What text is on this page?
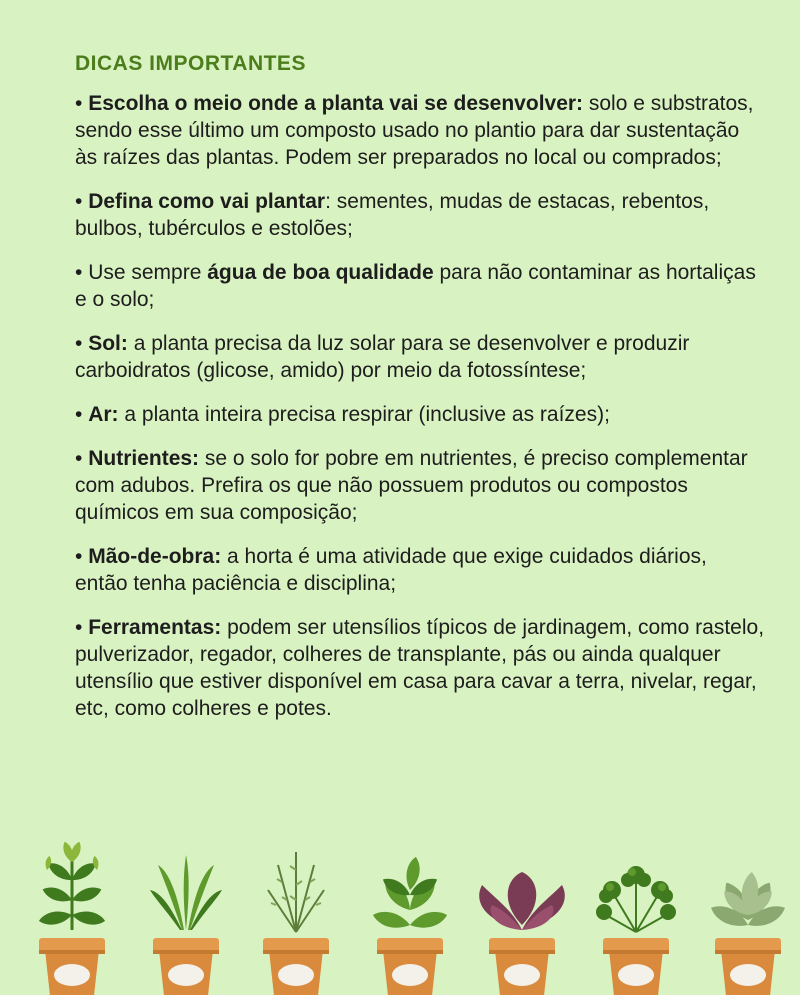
DICAS IMPORTANTES

• Escolha o meio onde a planta vai se desenvolver: solo e substratos, sendo esse último um composto usado no plantio para dar sustentação às raízes das plantas. Podem ser preparados no local ou comprados;

• Defina como vai plantar: sementes, mudas de estacas, rebentos, bulbos, tubérculos e estolões;

• Use sempre água de boa qualidade para não contaminar as hortaliças e o solo;

• Sol: a planta precisa da luz solar para se desenvolver e produzir carboidratos (glicose, amido) por meio da fotossíntese;

• Ar: a planta inteira precisa respirar (inclusive as raízes);

• Nutrientes: se o solo for pobre em nutrientes, é preciso complementar com adubos. Prefira os que não possuem produtos ou compostos químicos em sua composição;

• Mão-de-obra: a horta é uma atividade que exige cuidados diários, então tenha paciência e disciplina;

• Ferramentas: podem ser utensílios típicos de jardinagem, como rastelo, pulverizador, regador, colheres de transplante, pás ou ainda qualquer utensílio que estiver disponível em casa para cavar a terra, nivelar, regar, etc, como colheres e potes.
